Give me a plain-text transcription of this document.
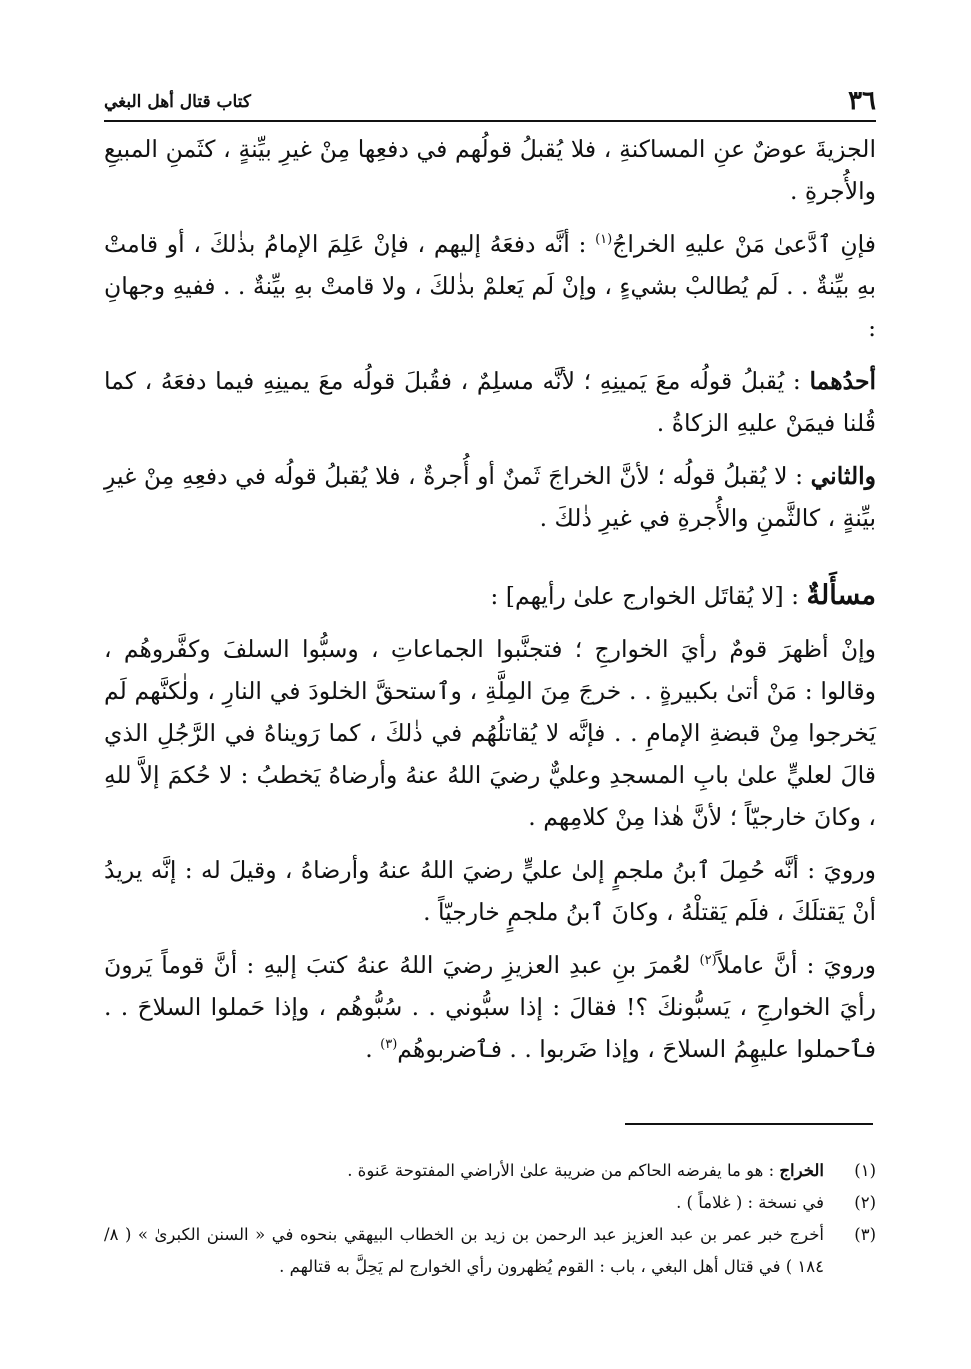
٣٦
كتاب قتال أهل البغي

الجزيةَ عوضٌ عنِ المساكنةِ ، فلا يُقبلُ قولُهم في دفعِها مِنْ غيرِ بيِّنةٍ ، كثَمنِ المبيعِ والأُجرةِ .

فإنِ ٱدَّعىٰ مَنْ عليهِ الخراجُ$^{(١)}$ : أنَّه دفعَهُ إليهم ، فإنْ عَلِمَ الإمامُ بذٰلكَ ، أو قامتْ بهِ بيِّنةٌ . . لَم يُطالبْ بشيءٍ ، وإنْ لَم يَعلمْ بذٰلكَ ، ولا قامتْ بهِ بيِّنةٌ . . ففيهِ وجهانِ :

أحدُهما : يُقبلُ قولُه معَ يَمينِهِ ؛ لأنَّه مسلِمٌ ، فقُبلَ قولُه معَ يمينِهِ فيما دفعَهُ ، كما قُلنا فيمَنْ عليهِ الزكاةُ .

والثاني : لا يُقبلُ قولُه ؛ لأنَّ الخراجَ ثَمنٌ أو أُجرةٌ ، فلا يُقبلُ قولُه في دفعِهِ مِنْ غيرِ بيِّنةٍ ، كالثَّمنِ والأُجرةِ في غيرِ ذٰلكَ .

مسأَلةٌ : [لا يُقاتَل الخوارج علىٰ رأيهم] :

وإنْ أظهرَ قومٌ رأيَ الخوارجِ ؛ فتجنَّبوا الجماعاتِ ، وسبُّوا السلفَ وكفَّروهُم ، وقالوا : مَنْ أتىٰ بكبيرةٍ . . خرجَ مِنَ المِلَّةِ ، وٱستحقَّ الخلودَ في النارِ ، ولٰكنَّهم لَم يَخرجوا مِنْ قبضةِ الإمامِ . . فإنَّه لا يُقاتلُهُم في ذٰلكَ ، كما رَويناهُ في الرَّجُلِ الذي قالَ لعليٍّ علىٰ بابِ المسجدِ وعليٌّ رضيَ اللهُ عنهُ وأرضاهُ يَخطبُ : لا حُكمَ إلاَّ للهِ ، وكانَ خارجيّاً ؛ لأنَّ هٰذا مِنْ كلامِهم .

ورويَ : أنَّه حُمِلَ ٱبنُ ملجمٍ إلىٰ عليٍّ رضيَ اللهُ عنهُ وأرضاهُ ، وقيلَ له : إنَّه يريدُ أنْ يَقتلَكَ ، فلَم يَقتلْهُ ، وكانَ ٱبنُ ملجمٍ خارجيّاً .

ورويَ : أنَّ عاملاً$^{(٢)}$ لعُمرَ بنِ عبدِ العزيزِ رضيَ اللهُ عنهُ كتبَ إليهِ : أنَّ قوماً يَرونَ رأيَ الخوارجِ ، يَسبُّونكَ ؟! فقالَ : إذا سبُّوني . . سُبُّوهُم ، وإذا حَملوا السلاحَ . . فٱحملوا عليهِمُ السلاحَ ، وإذا ضَربوا . . فٱضربوهُم$^{(٣)}$ .

(١)
الخراج : هو ما يفرضه الحاكم من ضريبة علىٰ الأراضي المفتوحة عَنوة .
(٢)
في نسخة : ( غلاماً ) .
(٣)
أخرج خبر عمر بن عبد العزيز عبد الرحمن بن زيد بن الخطاب البيهقي بنحوه في « السنن الكبرىٰ » ( ٨/ ١٨٤ ) في قتال أهل البغي ، باب : القوم يُظهرون رأي الخوارج لم يَحِلَّ به قتالهم .
